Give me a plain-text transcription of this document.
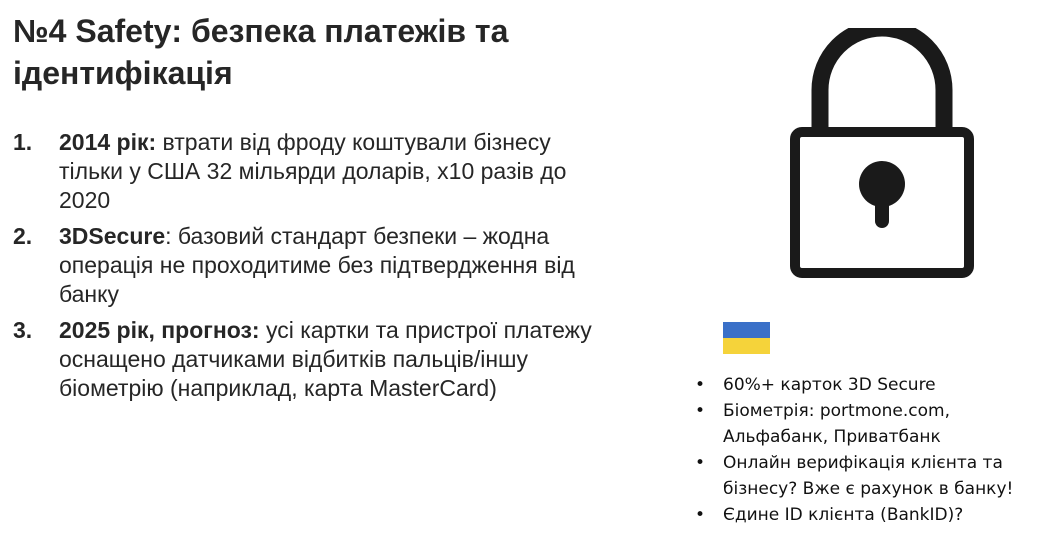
№4 Safety: безпека платежів та ідентифікація
1. 2014 рік: втрати від фроду коштували бізнесу тільки у США 32 мільярди доларів, х10 разів до 2020
2. 3DSecure: базовий стандарт безпеки – жодна операція не проходитиме без підтвердження від банку
3. 2025 рік, прогноз: усі картки та пристрої платежу оснащено датчиками відбитків пальців/іншу біометрію (наприклад, карта MasterCard)	• 60%+ карток 3D Secure
• Біометрія: portmone.com, Альфабанк, Приватбанк
• Онлайн верифікація клієнта та бізнесу? Вже є рахунок в банку!
• Єдине ID клієнта (BankID)?
